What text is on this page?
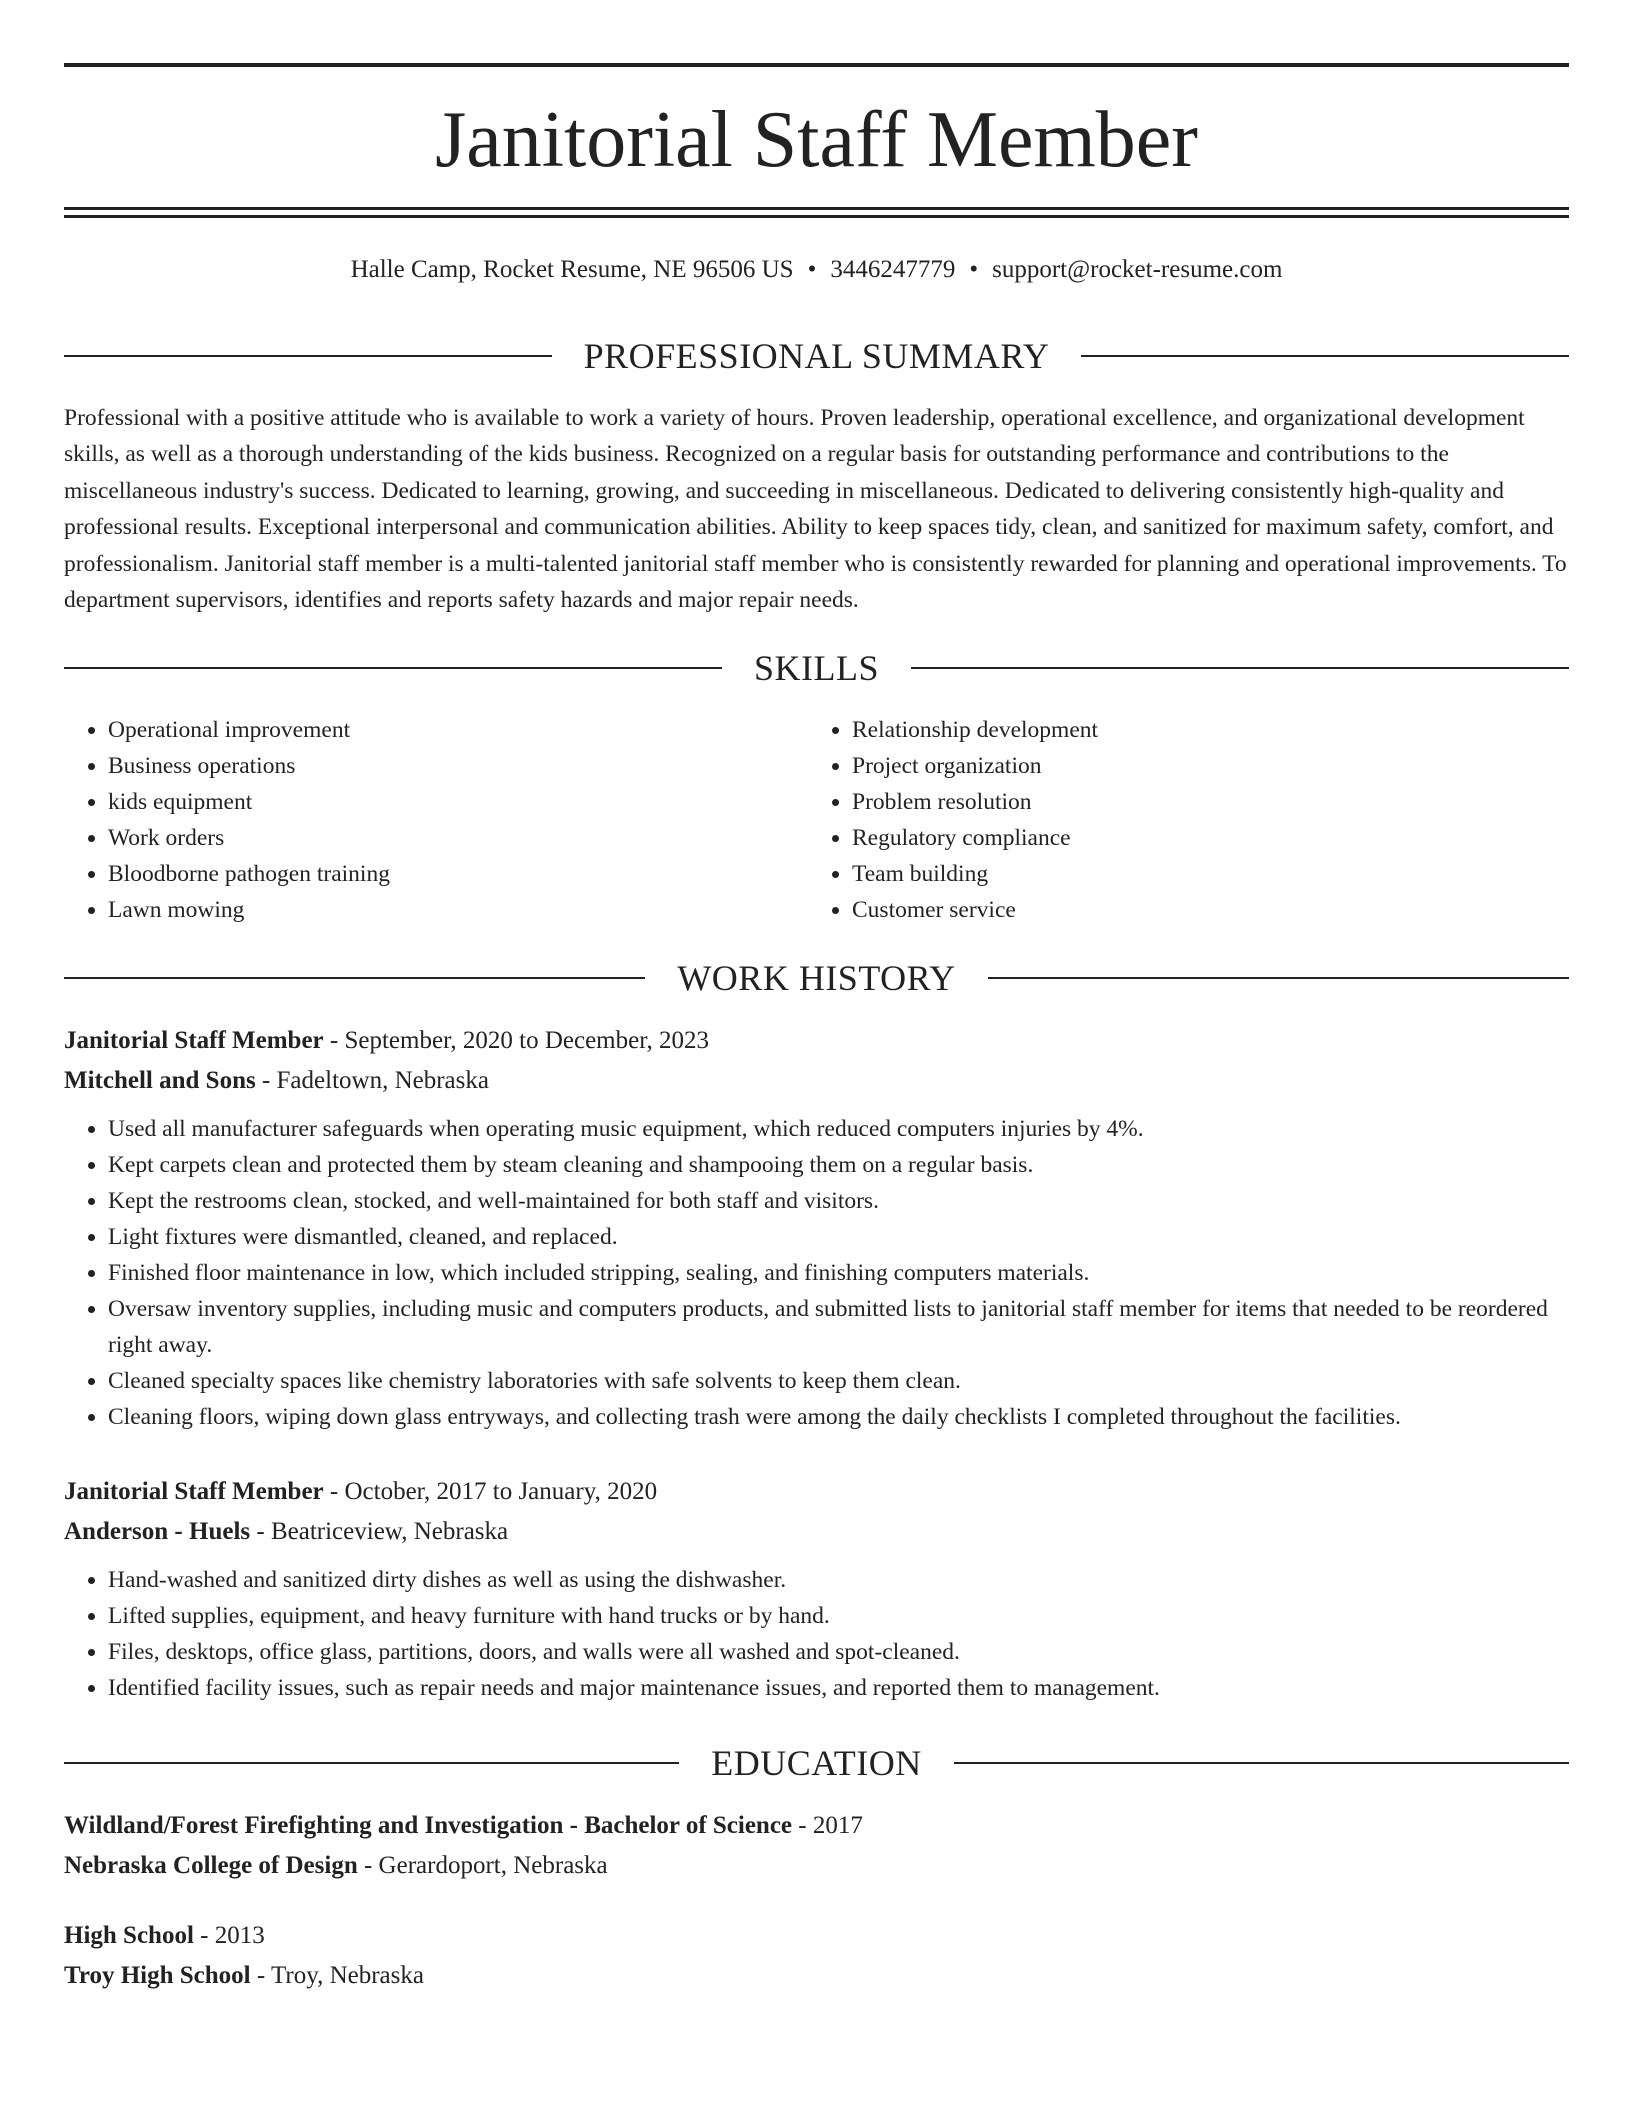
Janitorial Staff Member
Halle Camp, Rocket Resume, NE 96506 US • 3446247779 • support@rocket-resume.com
PROFESSIONAL SUMMARY

Professional with a positive attitude who is available to work a variety of hours. Proven leadership, operational excellence, and organizational development skills, as well as a thorough understanding of the kids business. Recognized on a regular basis for outstanding performance and contributions to the miscellaneous industry's success. Dedicated to learning, growing, and succeeding in miscellaneous. Dedicated to delivering consistently high-quality and professional results. Exceptional interpersonal and communication abilities. Ability to keep spaces tidy, clean, and sanitized for maximum safety, comfort, and professionalism. Janitorial staff member is a multi-talented janitorial staff member who is consistently rewarded for planning and operational improvements. To department supervisors, identifies and reports safety hazards and major repair needs.

SKILLS
• Operational improvement
• Business operations
• kids equipment
• Work orders
• Bloodborne pathogen training
• Lawn mowing
• Relationship development
• Project organization
• Problem resolution
• Regulatory compliance
• Team building
• Customer service
WORK HISTORY
Janitorial Staff Member - September, 2020 to December, 2023
Mitchell and Sons - Fadeltown, Nebraska
• Used all manufacturer safeguards when operating music equipment, which reduced computers injuries by 4%.
• Kept carpets clean and protected them by steam cleaning and shampooing them on a regular basis.
• Kept the restrooms clean, stocked, and well-maintained for both staff and visitors.
• Light fixtures were dismantled, cleaned, and replaced.
• Finished floor maintenance in low, which included stripping, sealing, and finishing computers materials.
• Oversaw inventory supplies, including music and computers products, and submitted lists to janitorial staff member for items that needed to be reordered right away.
• Cleaned specialty spaces like chemistry laboratories with safe solvents to keep them clean.
• Cleaning floors, wiping down glass entryways, and collecting trash were among the daily checklists I completed throughout the facilities.
Janitorial Staff Member - October, 2017 to January, 2020
Anderson - Huels - Beatriceview, Nebraska
• Hand-washed and sanitized dirty dishes as well as using the dishwasher.
• Lifted supplies, equipment, and heavy furniture with hand trucks or by hand.
• Files, desktops, office glass, partitions, doors, and walls were all washed and spot-cleaned.
• Identified facility issues, such as repair needs and major maintenance issues, and reported them to management.
EDUCATION
Wildland/Forest Firefighting and Investigation - Bachelor of Science - 2017
Nebraska College of Design - Gerardoport, Nebraska
High School - 2013
Troy High School - Troy, Nebraska
